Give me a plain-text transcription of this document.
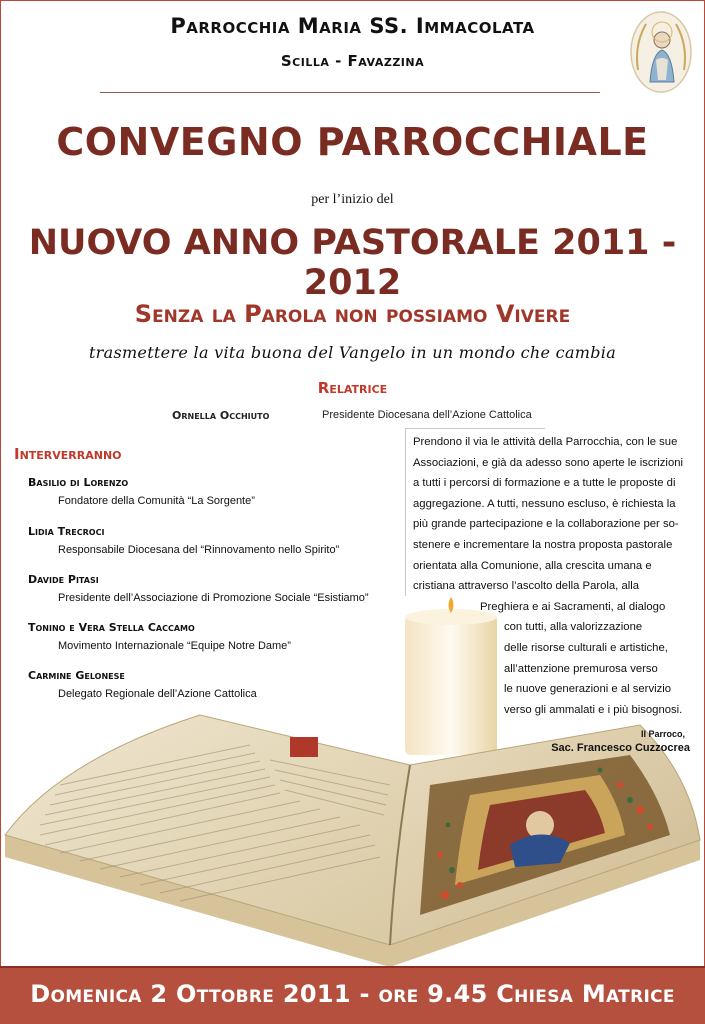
Parrocchia Maria SS. Immacolata
Scilla - Favazzina
CONVEGNO PARROCCHIALE
per l’inizio del
NUOVO ANNO PASTORALE 2011 - 2012
Senza la Parola non possiamo Vivere
trasmettere la vita buona del Vangelo in un mondo che cambia
Relatrice
Ornella Occhiuto	Presidente Diocesana dell’Azione Cattolica
Interverranno
Basilio di Lorenzo
Fondatore della Comunità “La Sorgente”
Lidia Trecroci
Responsabile Diocesana del “Rinnovamento nello Spirito”
Davide Pitasi
Presidente dell’Associazione di Promozione Sociale “Esistiamo”
Tonino e Vera Stella Caccamo
Movimento Internazionale “Equipe Notre Dame”
Carmine Gelonese
Delegato Regionale dell’Azione Cattolica
Prendono il via le attività della Parrocchia, con le sue
Associazioni, e già da adesso sono aperte le iscrizioni
a tutti i percorsi di formazione e a tutte le proposte di
aggregazione. A tutti, nessuno escluso, è richiesta la
più grande partecipazione e la collaborazione per so-
stenere e incrementare la nostra proposta pastorale
orientata alla Comunione, alla crescita umana e
cristiana attraverso l’ascolto della Parola, alla
Preghiera e ai Sacramenti, al dialogo
con tutti, alla valorizzazione
delle risorse culturali e artistiche,
all’attenzione premurosa verso
le nuove generazioni e al servizio
verso gli ammalati e i più bisognosi.
Il Parroco,
Sac. Francesco Cuzzocrea
Domenica 2 Ottobre 2011 - ore 9.45 Chiesa Matrice
